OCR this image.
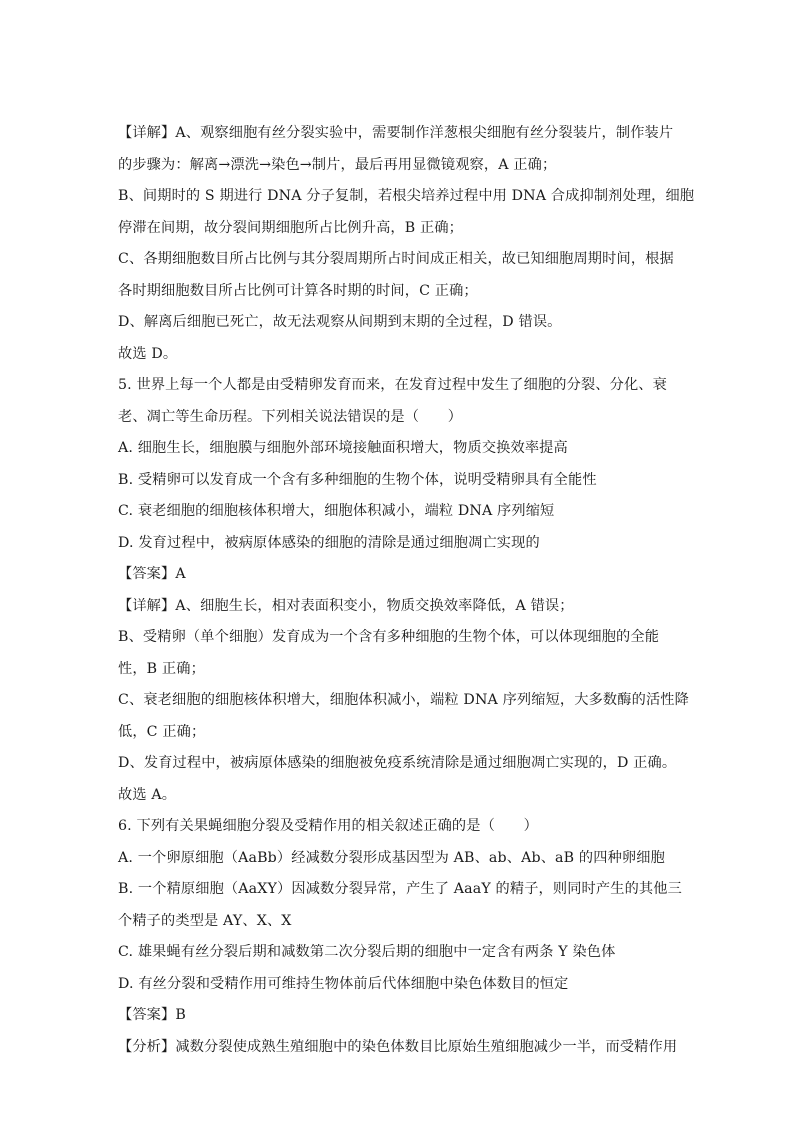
【详解】A、观察细胞有丝分裂实验中，需要制作洋葱根尖细胞有丝分裂装片，制作装片
的步骤为：解离→漂洗→染色→制片，最后再用显微镜观察，A 正确；
B、间期时的 S 期进行 DNA 分子复制，若根尖培养过程中用 DNA 合成抑制剂处理，细胞
停滞在间期，故分裂间期细胞所占比例升高，B 正确；
C、各期细胞数目所占比例与其分裂周期所占时间成正相关，故已知细胞周期时间，根据
各时期细胞数目所占比例可计算各时期的时间，C 正确；
D、解离后细胞已死亡，故无法观察从间期到末期的全过程，D 错误。
故选 D。
5. 世界上每一个人都是由受精卵发育而来，在发育过程中发生了细胞的分裂、分化、衰
老、凋亡等生命历程。下列相关说法错误的是（　　）
A. 细胞生长，细胞膜与细胞外部环境接触面积增大，物质交换效率提高
B. 受精卵可以发育成一个含有多种细胞的生物个体，说明受精卵具有全能性
C. 衰老细胞的细胞核体积增大，细胞体积减小，端粒 DNA 序列缩短
D. 发育过程中，被病原体感染的细胞的清除是通过细胞凋亡实现的
【答案】A
【详解】A、细胞生长，相对表面积变小，物质交换效率降低，A 错误；
B、受精卵（单个细胞）发育成为一个含有多种细胞的生物个体，可以体现细胞的全能
性，B 正确；
C、衰老细胞的细胞核体积增大，细胞体积减小，端粒 DNA 序列缩短，大多数酶的活性降
低，C 正确；
D、发育过程中，被病原体感染的细胞被免疫系统清除是通过细胞凋亡实现的，D 正确。
故选 A。
6. 下列有关果蝇细胞分裂及受精作用的相关叙述正确的是（　　）
A. 一个卵原细胞（AaBb）经减数分裂形成基因型为 AB、ab、Ab、aB 的四种卵细胞
B. 一个精原细胞（AaXY）因减数分裂异常，产生了 AaaY 的精子，则同时产生的其他三
个精子的类型是 AY、X、X
C. 雄果蝇有丝分裂后期和减数第二次分裂后期的细胞中一定含有两条 Y 染色体
D. 有丝分裂和受精作用可维持生物体前后代体细胞中染色体数目的恒定
【答案】B
【分析】减数分裂使成熟生殖细胞中的染色体数目比原始生殖细胞减少一半，而受精作用
